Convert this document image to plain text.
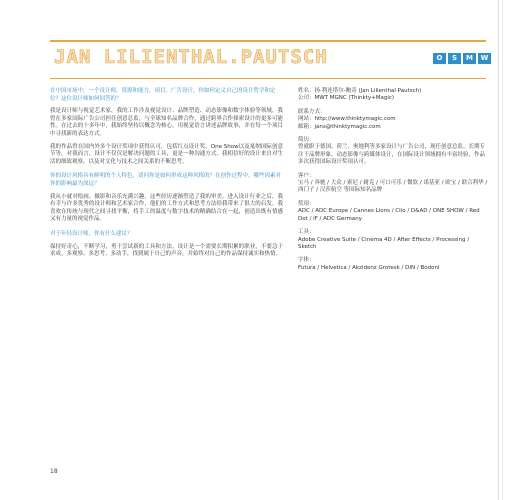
JAN LILIENTHAL.PAUTSCH	O	S	M	W

在中国市场中，一个设计师，资源和能力，项目，广告设计，你如何定义自己的设计哲学和定位？这位设计师如何回答的？

我是设计师与视觉艺术家，我的工作涉及视觉设计、品牌塑造、动态影像和数字体验等领域。我曾在多家国际广告公司担任创意总监，与全球知名品牌合作，通过跨界合作探索设计的更多可能性。在过去的十多年中，我始终坚持以概念为核心，用视觉语言讲述品牌故事，并在每一个项目中寻找新的表达方式。

我的作品曾在国内外多个设计奖项中获得认可，包括红点设计奖、One Show以及戛纳国际创意节等。对我而言，设计不仅仅是解决问题的工具，更是一种沟通方式。我相信好的设计来自对生活的细致观察，以及对文化与技术之间关系的不断思考。

你的设计风格具有鲜明的个人特色，请问你是如何形成这种风格的？在创作过程中，哪些因素对你的影响最为深远？

我从小就对绘画、摄影和音乐充满兴趣，这些经历逐渐塑造了我的审美。进入设计行业之后，我有幸与许多优秀的设计师和艺术家合作，他们的工作方式和思考方法给我带来了很大的启发。我喜欢在传统与现代之间寻找平衡，将手工的温度与数字技术的精确结合在一起，创造出既有情感又有力量的视觉作品。

对于年轻设计师，你有什么建议？

保持好奇心，不断学习，勇于尝试新的工具和方法。设计是一个需要长期积累的职业，不要急于求成。多观察、多思考、多动手，找到属于自己的声音，并始终对自己的作品保持诚实和热情。

姓名：扬·利连塔尔-鲍奇 (Jan Lilienthal Pautsch)

公司：MWT MGNC (Thinkty+Magic)

联系方式：

网站：http://www.thinktymagic.com

邮箱：jans@thinktymagic.com

简历：

曾就职于德国、荷兰、奥地利等多家设计与广告公司，现任创意总监。长期专注于品牌形象、动态影像与跨媒体设计，在国际设计领域拥有丰富经验，作品多次获得国际设计奖项认可。

客户：

宝马 / 奔驰 / 大众 / 索尼 / 耐克 / 可口可乐 / 微软 / 诺基亚 / 欧宝 / 联合利华 / 西门子 / 汉莎航空 等国际知名品牌

奖项：

ADC / ADC Europe / Cannes Lions / Clio / D&AD / ONE SHOW / Red Dot / iF / ADC Germany

工具：

Adobe Creative Suite / Cinema 4D / After Effects / Processing / Sketch

字体：

Futura / Helvetica / Akzidenz Grotesk / DIN / Bodoni

18
